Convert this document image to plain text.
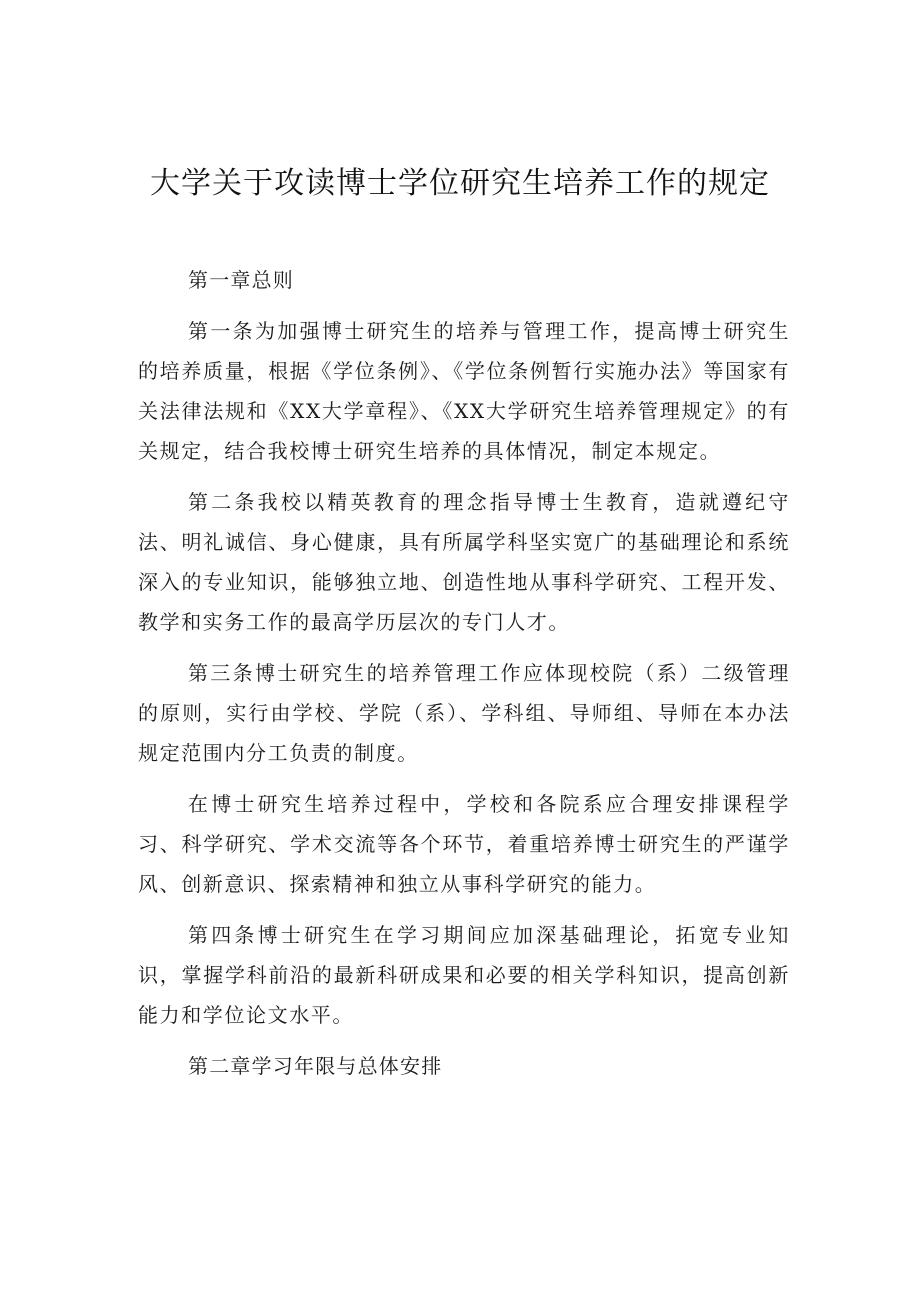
大学关于攻读博士学位研究生培养工作的规定

第一章总则

第一条为加强博士研究生的培养与管理工作，提高博士研究生的培养质量，根据《学位条例》、《学位条例暂行实施办法》等国家有关法律法规和《XX大学章程》、《XX大学研究生培养管理规定》的有关规定，结合我校博士研究生培养的具体情况，制定本规定。

第二条我校以精英教育的理念指导博士生教育，造就遵纪守法、明礼诚信、身心健康，具有所属学科坚实宽广的基础理论和系统深入的专业知识，能够独立地、创造性地从事科学研究、工程开发、教学和实务工作的最高学历层次的专门人才。

第三条博士研究生的培养管理工作应体现校院（系）二级管理的原则，实行由学校、学院（系）、学科组、导师组、导师在本办法规定范围内分工负责的制度。

在博士研究生培养过程中，学校和各院系应合理安排课程学习、科学研究、学术交流等各个环节，着重培养博士研究生的严谨学风、创新意识、探索精神和独立从事科学研究的能力。

第四条博士研究生在学习期间应加深基础理论，拓宽专业知识，掌握学科前沿的最新科研成果和必要的相关学科知识，提高创新能力和学位论文水平。

第二章学习年限与总体安排
